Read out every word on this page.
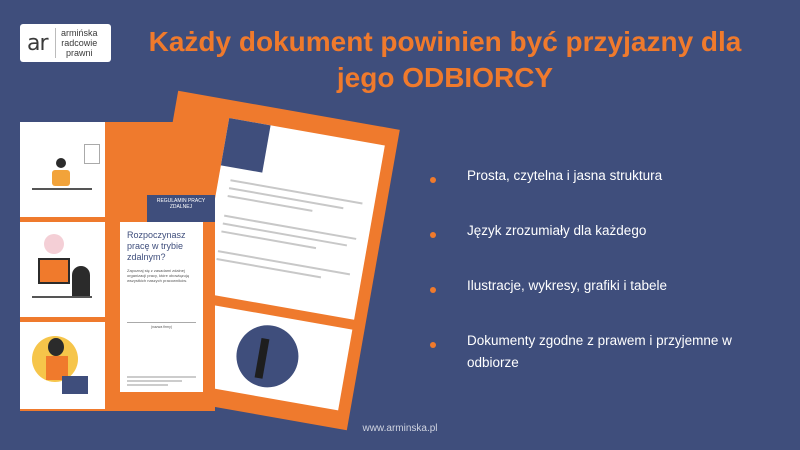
ar armińska
radcowie
prawni	Każdy dokument powinien być przyjazny dla jego ODBIORCY
REGULAMIN PRACY ZDALNEJ

Rozpoczynasz pracę w trybie zdalnym?

Zapoznaj się z zasadami zdalnej organizacji pracy, które obowiązują wszystkich naszych pracowników.

(nazwa firmy)
Prosta, czytelna i jasna struktura
Język zrozumiały dla każdego
Ilustracje, wykresy, grafiki i tabele
Dokumenty zgodne z prawem i przyjemne w odbiorze
www.arminska.pl
